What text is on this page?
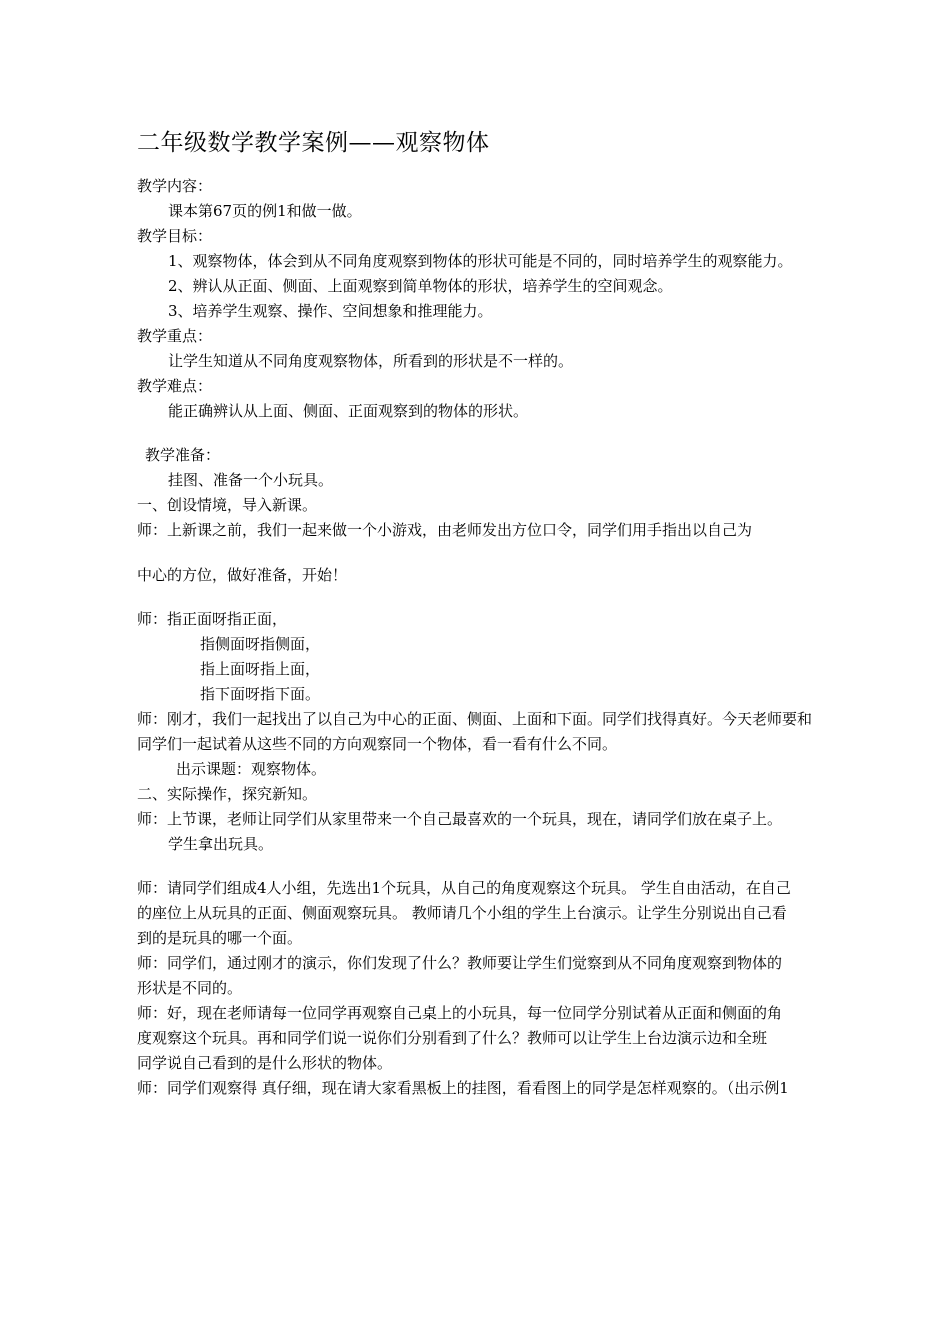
二年级数学教学案例——观察物体
教学内容：
课本第67页的例1和做一做。
教学目标：
1、观察物体，体会到从不同角度观察到物体的形状可能是不同的，同时培养学生的观察能力。
2、辨认从正面、侧面、上面观察到简单物体的形状，培养学生的空间观念。
3、培养学生观察、操作、空间想象和推理能力。
教学重点：
让学生知道从不同角度观察物体，所看到的形状是不一样的。
教学难点：
能正确辨认从上面、侧面、正面观察到的物体的形状。
教学准备：
挂图、准备一个小玩具。
一、创设情境，导入新课。
师：上新课之前，我们一起来做一个小游戏，由老师发出方位口令，同学们用手指出以自己为
中心的方位，做好准备，开始！
师：指正面呀指正面，
指侧面呀指侧面，
指上面呀指上面，
指下面呀指下面。
师：刚才，我们一起找出了以自己为中心的正面、侧面、上面和下面。同学们找得真好。今天老师要和
同学们一起试着从这些不同的方向观察同一个物体，看一看有什么不同。
出示课题：观察物体。
二、实际操作，探究新知。
师：上节课，老师让同学们从家里带来一个自己最喜欢的一个玩具，现在，请同学们放在桌子上。
学生拿出玩具。
师：请同学们组成4人小组，先选出1个玩具，从自己的角度观察这个玩具。 学生自由活动，在自己
的座位上从玩具的正面、侧面观察玩具。 教师请几个小组的学生上台演示。让学生分别说出自己看
到的是玩具的哪一个面。
师：同学们，通过刚才的演示，你们发现了什么？教师要让学生们觉察到从不同角度观察到物体的
形状是不同的。
师：好，现在老师请每一位同学再观察自己桌上的小玩具，每一位同学分别试着从正面和侧面的角
度观察这个玩具。再和同学们说一说你们分别看到了什么？教师可以让学生上台边演示边和全班
同学说自己看到的是什么形状的物体。
师：同学们观察得 真仔细，现在请大家看黑板上的挂图，看看图上的同学是怎样观察的。（出示例1
